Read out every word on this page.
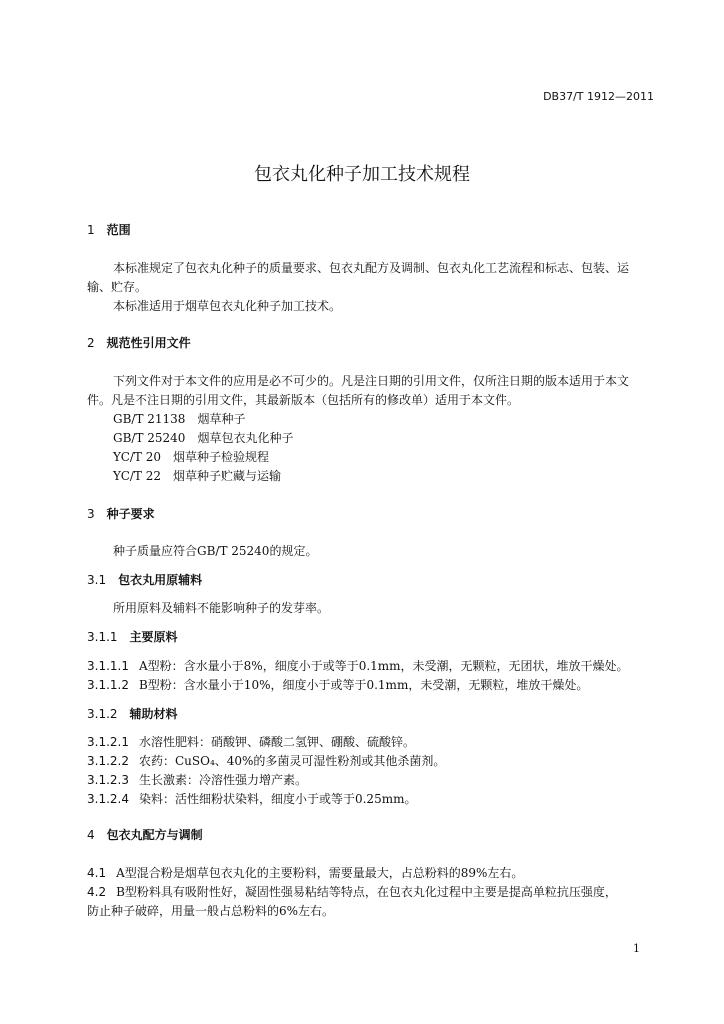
DB37/T 1912—2011
包衣丸化种子加工技术规程
1 范围
本标准规定了包衣丸化种子的质量要求、包衣丸配方及调制、包衣丸化工艺流程和标志、包装、运
输、贮存。
本标准适用于烟草包衣丸化种子加工技术。
2 规范性引用文件
下列文件对于本文件的应用是必不可少的。凡是注日期的引用文件，仅所注日期的版本适用于本文
件。凡是不注日期的引用文件，其最新版本（包括所有的修改单）适用于本文件。
GB/T 21138　烟草种子
GB/T 25240　烟草包衣丸化种子
YC/T 20　烟草种子检验规程
YC/T 22　烟草种子贮藏与运输
3 种子要求
种子质量应符合GB/T 25240的规定。
3.1 包衣丸用原辅料
所用原料及辅料不能影响种子的发芽率。
3.1.1 主要原料
3.1.1.1 A型粉：含水量小于8%，细度小于或等于0.1mm，未受潮，无颗粒，无团状，堆放干燥处。
3.1.1.2 B型粉：含水量小于10%，细度小于或等于0.1mm，未受潮，无颗粒，堆放干燥处。
3.1.2 辅助材料
3.1.2.1 水溶性肥料：硝酸钾、磷酸二氢钾、硼酸、硫酸锌。
3.1.2.2 农药：CuSO₄、40%的多菌灵可湿性粉剂或其他杀菌剂。
3.1.2.3 生长激素：冷溶性强力增产素。
3.1.2.4 染料：活性细粉状染料，细度小于或等于0.25mm。
4 包衣丸配方与调制
4.1 A型混合粉是烟草包衣丸化的主要粉料，需要量最大，占总粉料的89%左右。
4.2 B型粉料具有吸附性好，凝固性强易粘结等特点，在包衣丸化过程中主要是提高单粒抗压强度，
防止种子破碎，用量一般占总粉料的6%左右。
1
